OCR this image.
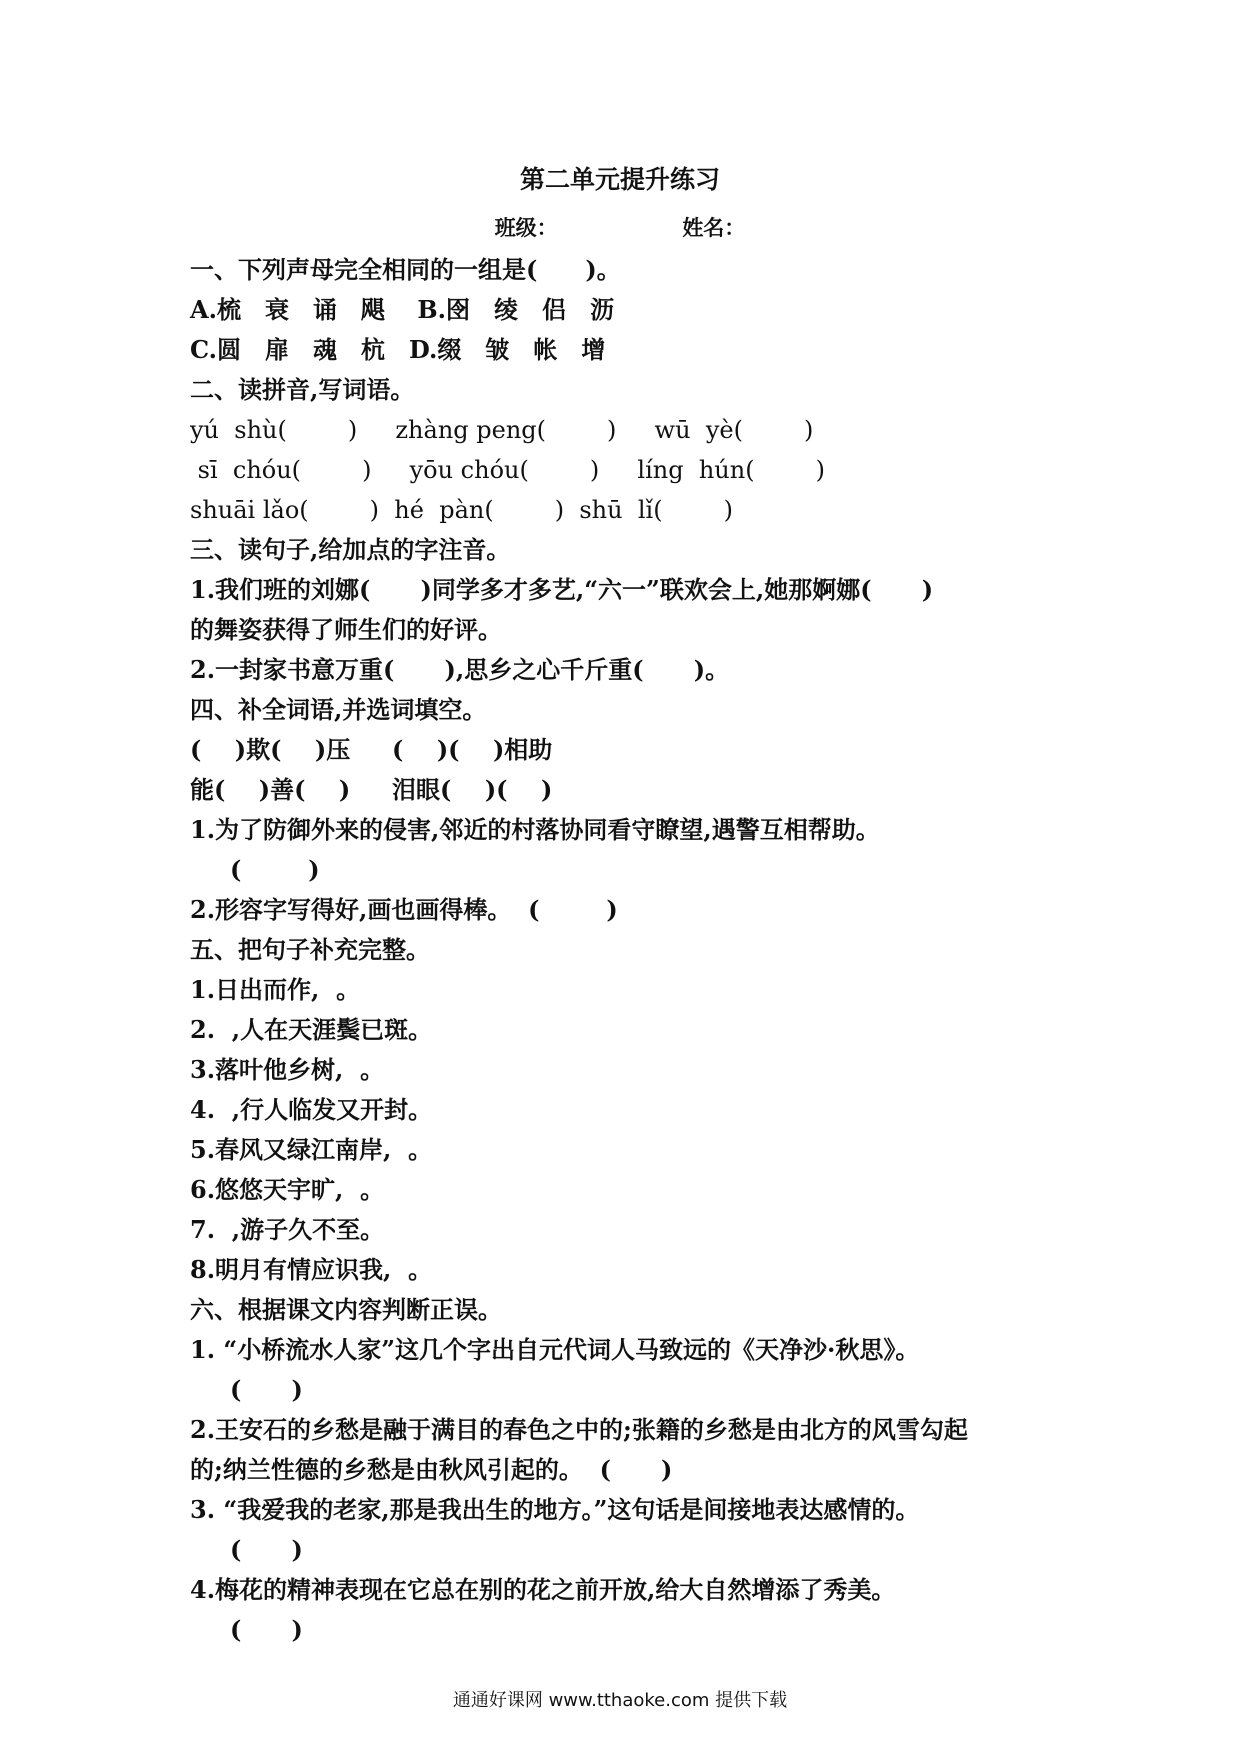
第二单元提升练习
班级：	姓名：
一、下列声母完全相同的一组是(　　)。
A.梳　衰　诵　飓　 B.囹　绫　侣　沥
C.圆　扉　魂　杭　D.缀　皱　帐　增
二、读拼音,写词语。
yú  shù(        )     zhàng peng(        )     wū  yè(        )
sī  chóu(        )     yōu chóu(        )     líng  hún(        )
shuāi lǎo(        )  hé  pàn(        )  shū  lǐ(        )
三、读句子,给加点的字注音。
1.我们班的刘娜(      )同学多才多艺,“六一”联欢会上,她那婀娜(      )
的舞姿获得了师生们的好评。
2.一封家书意万重(      ),思乡之心千斤重(      )。
四、补全词语,并选词填空。
(    )欺(    )压     (    )(    )相助
能(    )善(    )     泪眼(    )(    )
1.为了防御外来的侵害,邻近的村落协同看守瞭望,遇警互相帮助。
(        )
2.形容字写得好,画也画得棒。  (        )
五、把句子补充完整。
1.日出而作,  。
2.  ,人在天涯鬓已斑。
3.落叶他乡树,  。
4.  ,行人临发又开封。
5.春风又绿江南岸,  。
6.悠悠天宇旷,  。
7.  ,游子久不至。
8.明月有情应识我,  。
六、根据课文内容判断正误。
1. “小桥流水人家”这几个字出自元代词人马致远的《天净沙·秋思》。
(      )
2.王安石的乡愁是融于满目的春色之中的;张籍的乡愁是由北方的风雪勾起
的;纳兰性德的乡愁是由秋风引起的。  (      )
3. “我爱我的老家,那是我出生的地方。”这句话是间接地表达感情的。
(      )
4.梅花的精神表现在它总在别的花之前开放,给大自然增添了秀美。
(      )
通通好课网 www.tthaoke.com 提供下载
